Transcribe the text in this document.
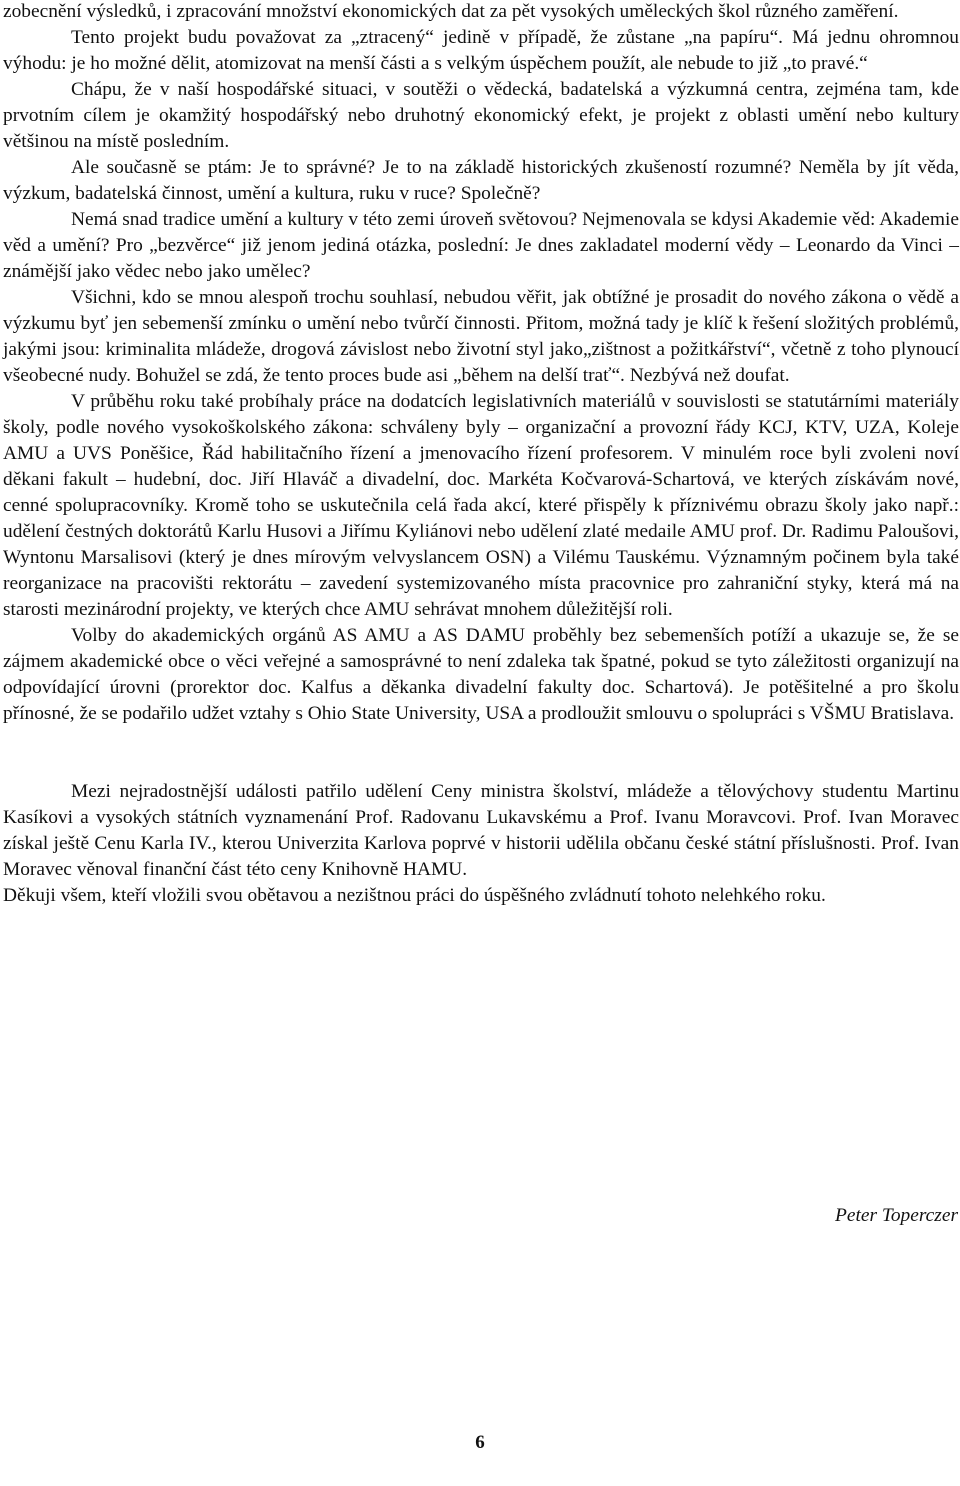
zobecnění výsledků, i zpracování množství ekonomických dat za pět vysokých uměleckých škol různého zaměření.

Tento projekt budu považovat za „ztracený“ jedině v případě, že zůstane „na papíru“. Má jednu ohromnou výhodu: je ho možné dělit, atomizovat na menší části a s velkým úspěchem použít, ale nebude to již „to pravé.“

Chápu, že v naší hospodářské situaci, v soutěži o vědecká, badatelská a výzkumná centra, zejména tam, kde prvotním cílem je okamžitý hospodářský nebo druhotný ekonomický efekt, je projekt z oblasti umění nebo kultury většinou na místě posledním.

Ale současně se ptám: Je to správné? Je to na základě historických zkušeností rozumné? Neměla by jít věda, výzkum, badatelská činnost, umění a kultura, ruku v ruce? Společně?

Nemá snad tradice umění a kultury v této zemi úroveň světovou? Nejmenovala se kdysi Akademie věd: Akademie věd a umění? Pro „bezvěrce“ již jenom jediná otázka, poslední: Je dnes zakladatel moderní vědy – Leonardo da Vinci – známější jako vědec nebo jako umělec?

Všichni, kdo se mnou alespoň trochu souhlasí, nebudou věřit, jak obtížné je prosadit do nového zákona o vědě a výzkumu byť jen sebemenší zmínku o umění nebo tvůrčí činnosti. Přitom, možná tady je klíč k řešení složitých problémů, jakými jsou: kriminalita mládeže, drogová závislost nebo životní styl jako„zištnost a požitkářství“, včetně z toho plynoucí všeobecné nudy. Bohužel se zdá, že tento proces bude asi „během na delší trať“. Nezbývá než doufat.

V průběhu roku také probíhaly práce na dodatcích legislativních materiálů v souvislosti se statutárními materiály školy, podle nového vysokoškolského zákona: schváleny byly – organizační a provozní řády KCJ, KTV, UZA, Koleje AMU a UVS Poněšice, Řád habilitačního řízení a jmenovacího řízení profesorem. V minulém roce byli zvoleni noví děkani fakult – hudební, doc. Jiří Hlaváč a divadelní, doc. Markéta Kočvarová-Schartová, ve kterých získávám nové, cenné spolupracovníky. Kromě toho se uskutečnila celá řada akcí, které přispěly k příznivému obrazu školy jako např.: udělení čestných doktorátů Karlu Husovi a Jiřímu Kyliánovi nebo udělení zlaté medaile AMU prof. Dr. Radimu Paloušovi, Wyntonu Marsalisovi (který je dnes mírovým velvyslancem OSN) a Vilému Tauskému. Významným počinem byla také reorganizace na pracovišti rektorátu – zavedení systemizovaného místa pracovnice pro zahraniční styky, která má na starosti mezinárodní projekty, ve kterých chce AMU sehrávat mnohem důležitější roli.

Volby do akademických orgánů AS AMU a AS DAMU proběhly bez sebemenších potíží a ukazuje se, že se zájmem akademické obce o věci veřejné a samosprávné to není zdaleka tak špatné, pokud se tyto záležitosti organizují na odpovídající úrovni (prorektor doc. Kalfus a děkanka divadelní fakulty doc. Schartová). Je potěšitelné a pro školu přínosné, že se podařilo udžet vztahy s Ohio State University, USA a prodloužit smlouvu o spolupráci s VŠMU Bratislava.

Mezi nejradostnější události patřilo udělení Ceny ministra školství, mládeže a tělovýchovy studentu Martinu Kasíkovi a vysokých státních vyznamenání Prof. Radovanu Lukavskému a Prof. Ivanu Moravcovi. Prof. Ivan Moravec získal ještě Cenu Karla IV., kterou Univerzita Karlova poprvé v historii udělila občanu české státní příslušnosti. Prof. Ivan Moravec věnoval finanční část této ceny Knihovně HAMU.

Děkuji všem, kteří vložili svou obětavou a nezištnou práci do úspěšného zvládnutí tohoto nelehkého roku.

Peter Toperczer
6
